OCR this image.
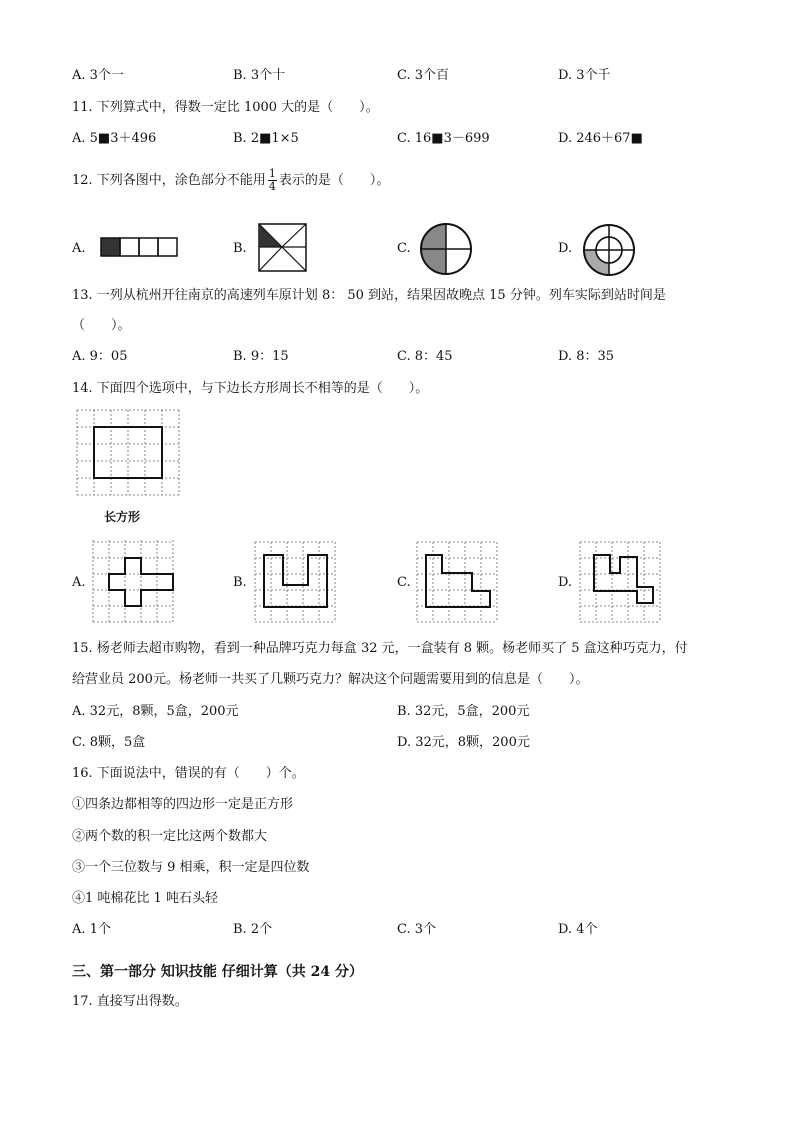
A. 3个一	B. 3个十	C. 3个百	D. 3个千
11. 下列算式中，得数一定比 1000 大的是（　　）。
A. 5■3＋496	B. 2■1×5	C. 16■3－699	D. 246＋67■
12. 下列各图中，涂色部分不能用 $\frac{1}{4}$ 表示的是（　　）。
A.	B.	C.	D.
13. 一列从杭州开往南京的高速列车原计划 8： 50 到站，结果因故晚点 15 分钟。列车实际到站时间是
（　　）。
A. 9：05	B. 9：15	C. 8：45	D. 8：35
14. 下面四个选项中，与下边长方形周长不相等的是（　　）。
长方形
A.	B.	C.	D.
15. 杨老师去超市购物，看到一种品牌巧克力每盒 32 元，一盒装有 8 颗。杨老师买了 5 盒这种巧克力，付
给营业员 200元。杨老师一共买了几颗巧克力？解决这个问题需要用到的信息是（　　）。
A. 32元，8颗，5盒，200元	B. 32元，5盒，200元
C. 8颗，5盒	D. 32元，8颗，200元
16. 下面说法中，错误的有（　　）个。
①四条边都相等的四边形一定是正方形
②两个数的积一定比这两个数都大
③一个三位数与 9 相乘，积一定是四位数
④1 吨棉花比 1 吨石头轻
A. 1个	B. 2个	C. 3个	D. 4个
三、第一部分 知识技能 仔细计算（共 24 分）
17. 直接写出得数。
